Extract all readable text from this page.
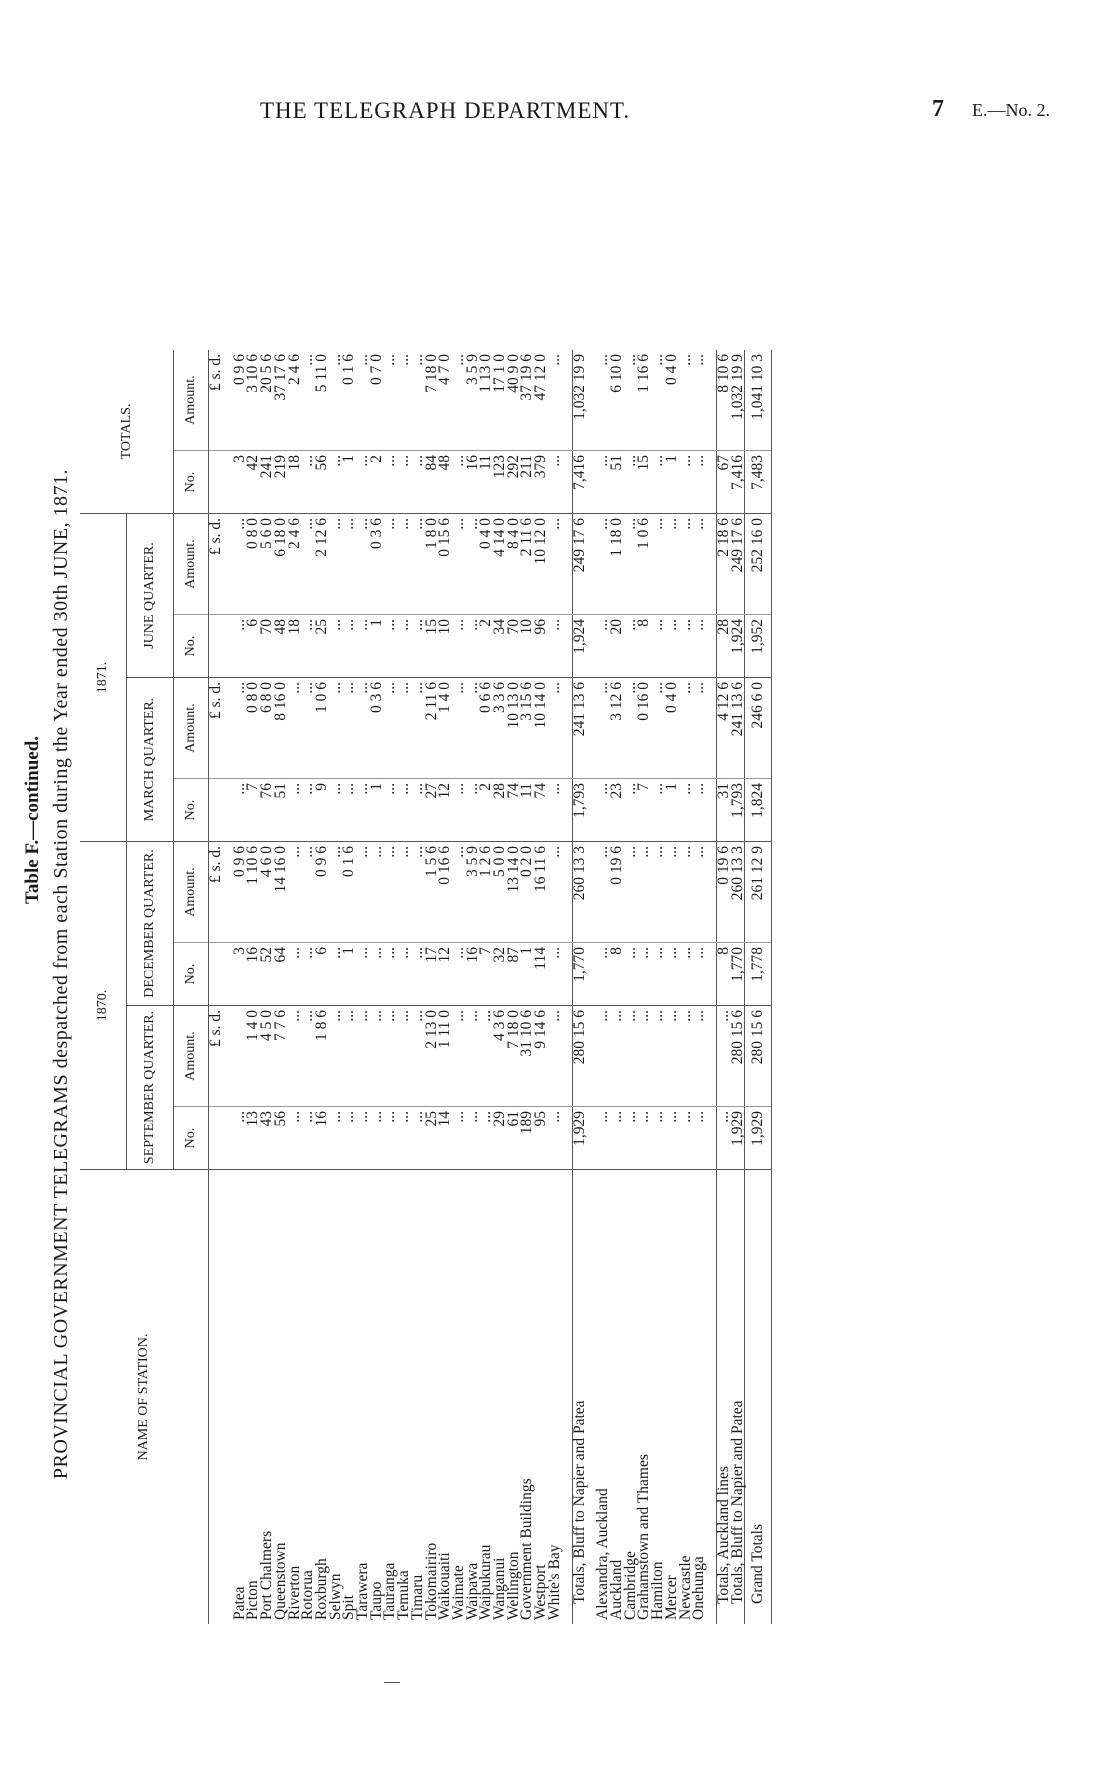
THE TELEGRAPH DEPARTMENT.	7 E.—No. 2.
Table F.—continued. PROVINCIAL GOVERNMENT TELEGRAMS despatched from each Station during the Year ended 30th JUNE, 1871.	NAME OF STATION.	1870.				1871.				TOTALS.	
	SEPTEMBER QUARTER.		DECEMBER QUARTER.		MARCH QUARTER.		JUNE QUARTER.			
	No.	Amount.	No.	Amount.	No.	Amount.	No.	Amount.	No.	Amount.
		£ s. d.		£ s. d.		£ s. d.		£ s. d.		£ s. d.

Patea	...		3	0 9 6	...	...	...	...	3	0 9 6
Picton	13	1 4 0	16	1 10 6	7	0 8 0	6	0 8 0	42	3 10 6
Port Chalmers	43	4 5 0	52	4 6 0	76	6 8 0	70	5 6 0	241	20 5 6
Queenstown	56	7 7 6	64	14 16 0	51	8 16 0	48	6 18 0	219	37 17 6
Riverton	...	...	...	...	...	...	18	2 4 6	18	2 4 6
Rotorua	...	...	...	...	...	...	...	...	...	...
Roxburgh	16	1 8 6	6	0 9 6	9	1 0 6	25	2 12 6	56	5 11 0
Selwyn	...	...	...	...	...	...	...	...	...	...
Spit	...	...	1	0 1 6	...	...	...	...	1	0 1 6
Tarawera	...	...	...	...	...	...	...	...	...	...
Taupo	...	...	...	...	1	0 3 6	1	0 3 6	2	0 7 0
Tauranga	...	...	...	...	...	...	...	...	...	...
Temuka	...	...	...	...	...	...	...	...	...	...
Timaru	...	...	...	...	...	...	...	...	...	...
Tokomairiro	25	2 13 0	17	1 5 6	27	2 11 6	15	1 8 0	84	7 18 0
Waikouaiti	14	1 11 0	12	0 16 6	12	1 4 0	10	0 15 6	48	4 7 0
Waimate	...	...	...	...	...	...	...	...	...	...
Waipawa	...	...	16	3 5 9	...	...	...	...	16	3 5 9
Waipukurau	...	...	7	1 2 6	2	0 6 6	2	0 4 0	11	1 13 0
Wanganui	29	4 3 6	32	5 0 0	28	3 3 6	34	4 14 0	123	17 1 0
Wellington	61	7 18 0	87	13 14 0	74	10 13 0	70	8 4 0	292	40 9 0
Government Buildings	189	31 10 6	1	0 2 0	11	3 15 6	10	2 11 6	211	37 19 6
Westport	95	9 14 6	114	16 11 6	74	10 14 0	96	10 12 0	379	47 12 0
White's Bay	...	...	...	...	...	...	...	...	...	...

Totals, Bluff to Napier and Patea	1,929	280 15 6	1,770	260 13 3	1,793	241 13 6	1,924	249 17 6	7,416	1,032 19 9

Alexandra, Auckland	...	...	...	...	...	...	...	...	...	...
Auckland	...	...	8	0 19 6	23	3 12 6	20	1 18 0	51	6 10 0
Cambridge	...	...	...	...	...	...	...	...	...	...
Grahamstown and Thames	...	...	...	...	7	0 16 0	8	1 0 6	15	1 16 6
Hamilton	...	...	...	...	...	...	...	...	...	...
Mercer	...	...	...	...	1	0 4 0	...	...	1	0 4 0
Newcastle	...	...	...	...	...	...	...	...	...	...
Onehunga	...	...	...	...	...	...	...	...	...	...

Totals, Auckland lines	...	...	8	0 19 6	31	4 12 6	28	2 18 6	67	8 10 6
Totals, Bluff to Napier and Patea	1,929	280 15 6	1,770	260 13 3	1,793	241 13 6	1,924	249 17 6	7,416	1,032 19 9
Grand Totals	1,929	280 15 6	1,778	261 12 9	1,824	246 6 0	1,952	252 16 0	7,483	1,041 10 3
